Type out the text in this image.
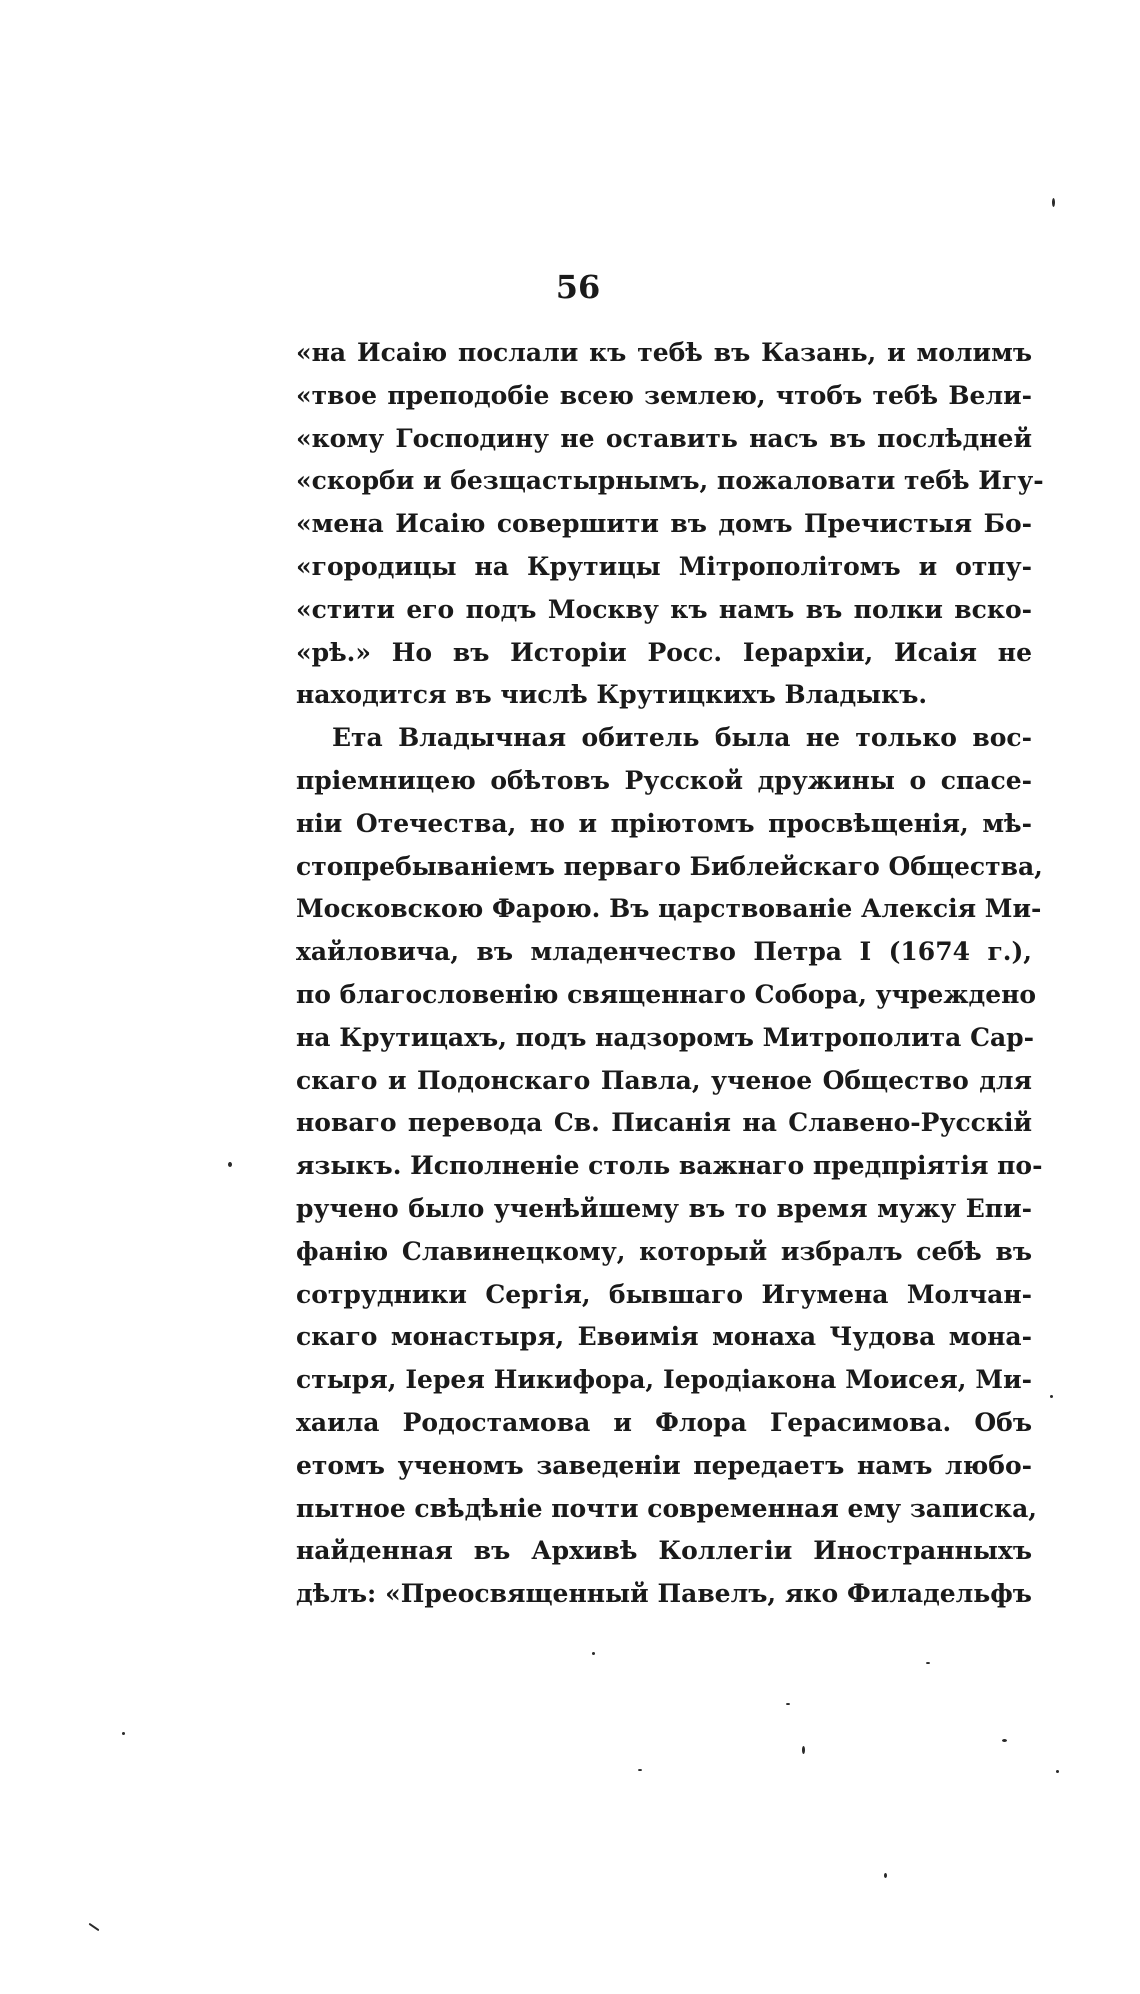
56
«на Исаію послали къ тебѣ въ Казань, и молимъ
«твое преподобіе всею землею, чтобъ тебѣ Вели-
«кому Господину не оставить насъ въ послѣдней
«скорби и безщастырнымъ, пожаловати тебѣ Игу-
«мена Исаію совершити въ домъ Пречистыя Бо-
«городицы на Крутицы Мітрополітомъ и отпу-
«стити его подъ Москву къ намъ въ полки вско-
«рѣ.» Но въ Исторіи Росс. Іерархіи, Исаія не
находится въ числѣ Крутицкихъ Владыкъ.
Ета Владычная обитель была не только вос-
пріемницею обѣтовъ Русской дружины о спасе-
ніи Отечества, но и пріютомъ просвѣщенія, мѣ-
стопребываніемъ перваго Библейскаго Общества,
Московскою Фарою. Въ царствованіе Алексія Ми-
хайловича, въ младенчество Петра I (1674 г.),
по благословенію священнаго Собора, учреждено
на Крутицахъ, подъ надзоромъ Митрополита Сар-
скаго и Подонскаго Павла, ученое Общество для
новаго перевода Св. Писанія на Славено-Русскій
языкъ. Исполненіе столь важнаго предпріятія по-
ручено было ученѣйшему въ то время мужу Епи-
фанію Славинецкому, который избралъ себѣ въ
сотрудники Сергія, бывшаго Игумена Молчан-
скаго монастыря, Евѳимія монаха Чудова мона-
стыря, Іерея Никифора, Іеродіакона Моисея, Ми-
хаила Родостамова и Флора Герасимова. Объ
етомъ ученомъ заведеніи передаетъ намъ любо-
пытное свѣдѣніе почти современная ему записка,
найденная въ Архивѣ Коллегіи Иностранныхъ
дѣлъ: «Преосвященный Павелъ, яко Филадельфъ
